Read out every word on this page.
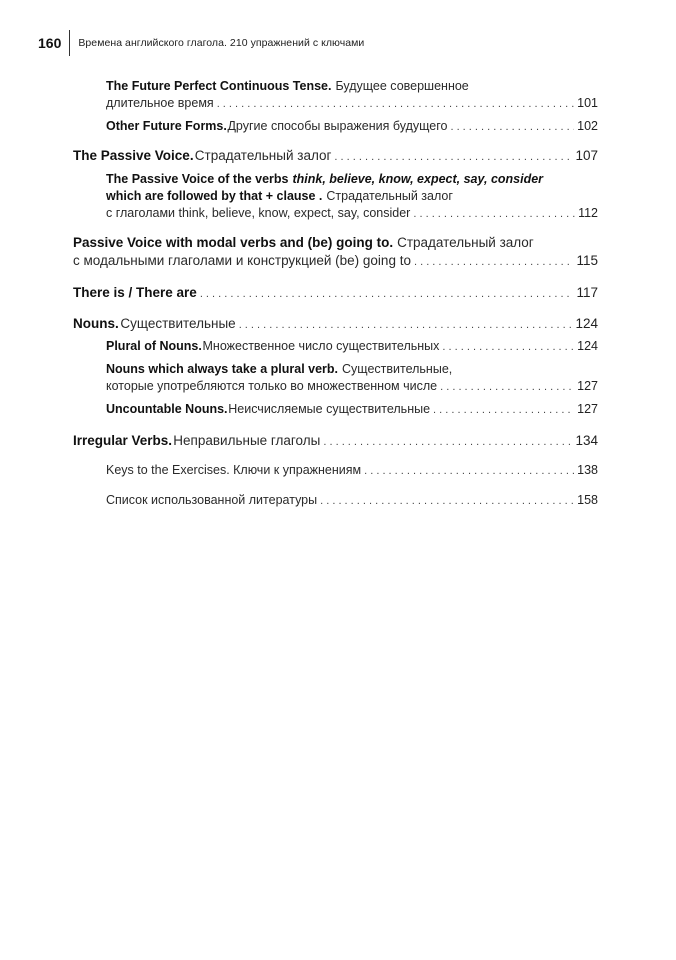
160	Времена английского глагола. 210 упражнений с ключами
The Future Perfect Continuous Tense. Будущее совершенное
длительное время . . .	101
Other Future Forms. Другие способы выражения будущего . . .	102
The Passive Voice. Страдательный залог . . .	107
The Passive Voice of the verbs think, believe, know, expect, say, consider
which are followed by that + clause . Страдательный залог
с глаголами think, believe, know, expect, say, consider . . .	112
Passive Voice with modal verbs and (be) going to. Страдательный залог
с модальными глаголами и конструкцией (be) going to . . .	115
There is / There are . . .	117
Nouns. Существительные . . .	124
Plural of Nouns. Множественное число существительных . . .	124
Nouns which always take a plural verb. Существительные,
которые употребляются только во множественном числе . . .	127
Uncountable Nouns. Неисчисляемые существительные . . .	127
Irregular Verbs. Неправильные глаголы . . .	134
Keys to the Exercises. Ключи к упражнениям . . .	138
Список использованной литературы . . .	158
